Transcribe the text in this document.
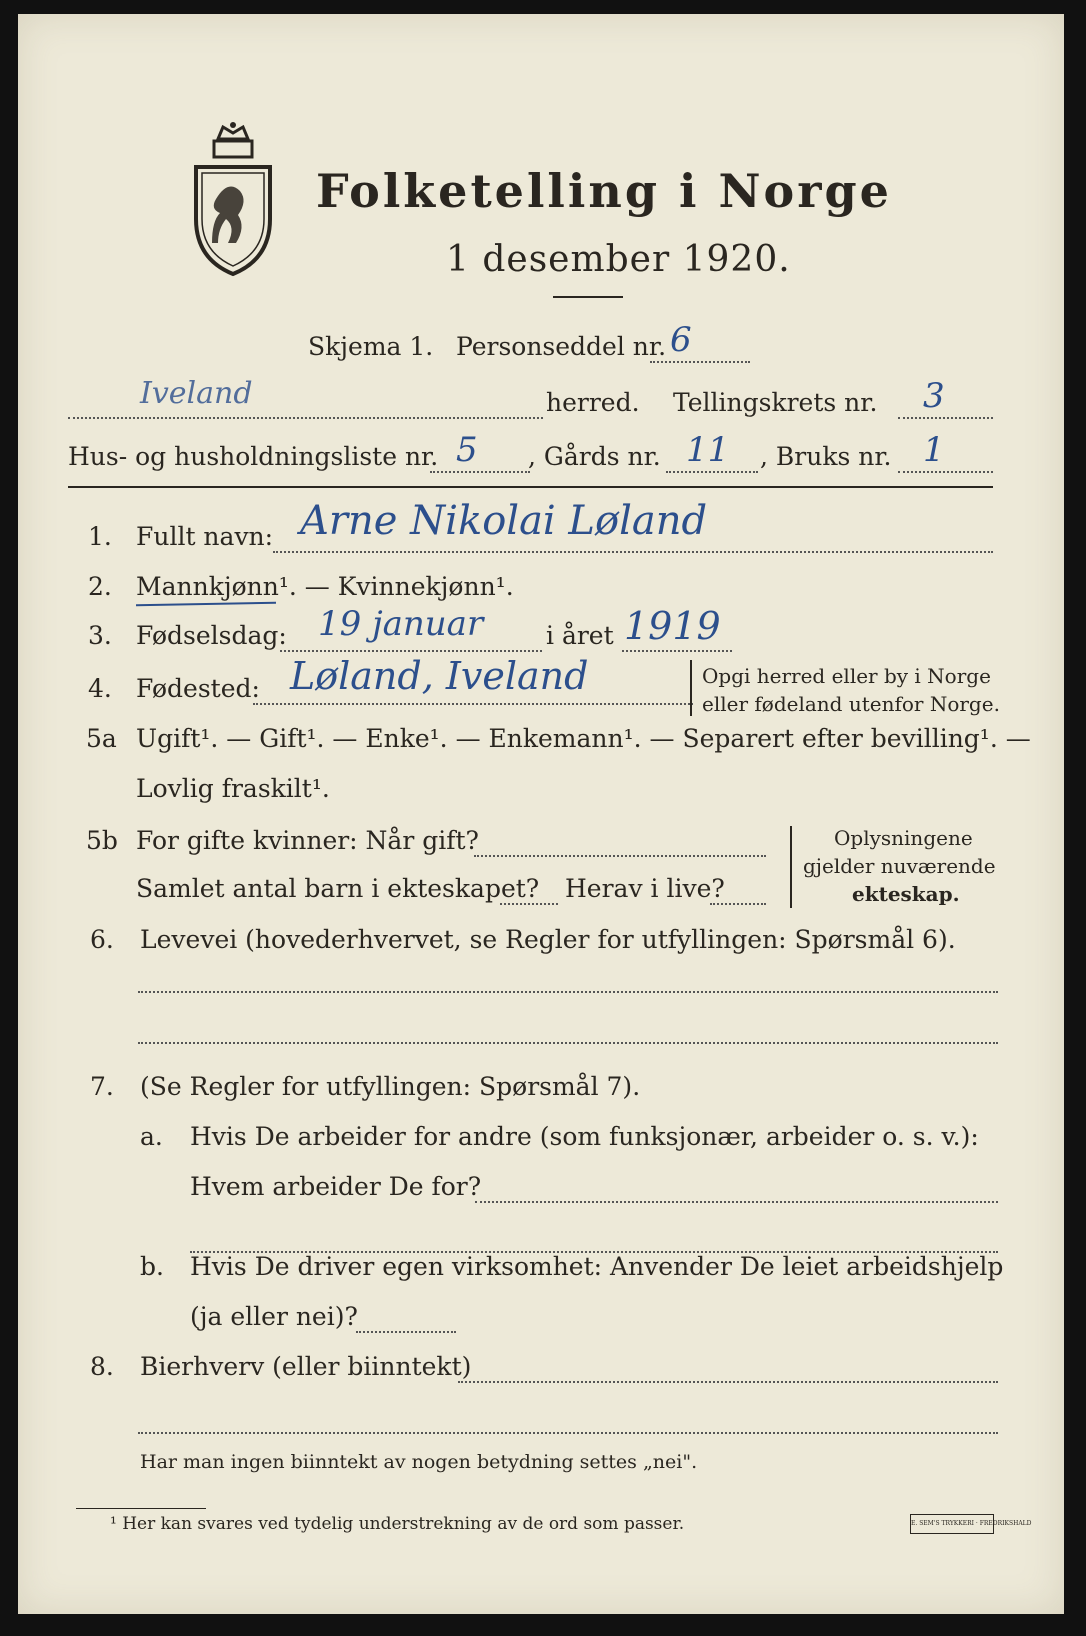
Folketelling i Norge
1 desember 1920.
Skjema 1. Personseddel nr. 6
Iveland	herred. Tellingskrets nr. 3
Hus- og husholdningsliste nr. 5 , Gårds nr. 11 , Bruks nr. 1
1. Fullt navn: Arne Nikolai Løland
2. Mannkjønn¹. — Kvinnekjønn¹.
3. Fødselsdag: 19 januar	i året 1919
4. Fødested: Løland, Iveland	Opgi herred eller by i Norge
eller fødeland utenfor Norge.
5a Ugift¹. — Gift¹. — Enke¹. — Enkemann¹. — Separert efter bevilling¹. —
Lovlig fraskilt¹.
5b For gifte kvinner: Når gift?
Samlet antal barn i ekteskapet? Herav i live?
Oplysningene
gjelder nuværende
ekteskap.
6. Levevei (hovederhvervet, se Regler for utfyllingen: Spørsmål 6).
7. (Se Regler for utfyllingen: Spørsmål 7).
a. Hvis De arbeider for andre (som funksjonær, arbeider o. s. v.):
Hvem arbeider De for?
b. Hvis De driver egen virksomhet: Anvender De leiet arbeidshjelp
(ja eller nei)?
8. Bierhverv (eller biinntekt)
Har man ingen biinntekt av nogen betydning settes „nei".
¹ Her kan svares ved tydelig understrekning av de ord som passer.	E. SEM'S TRYKKERI · FREDRIKSHALD
